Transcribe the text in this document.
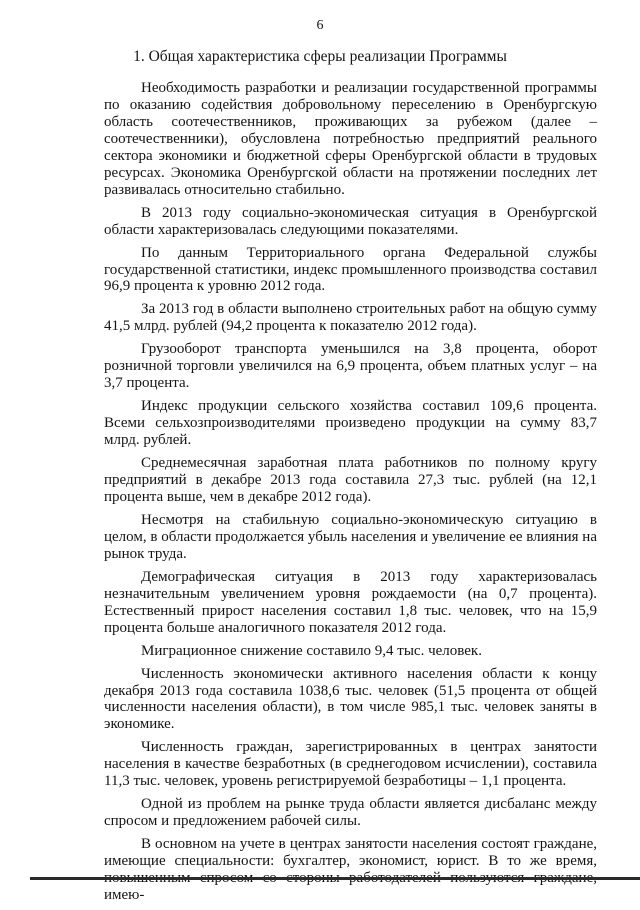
6
1. Общая характеристика сферы реализации Программы

Необходимость разработки и реализации государственной программы по оказанию содействия добровольному переселению в Оренбургскую область соотечественников, проживающих за рубежом (далее – соотечественники), обусловлена потребностью предприятий реального сектора экономики и бюджетной сферы Оренбургской области в трудовых ресурсах. Экономика Оренбургской области на протяжении последних лет развивалась относительно стабильно.

В 2013 году социально-экономическая ситуация в Оренбургской области характеризовалась следующими показателями.

По данным Территориального органа Федеральной службы государственной статистики, индекс промышленного производства составил 96,9 процента к уровню 2012 года.

За 2013 год в области выполнено строительных работ на общую сумму 41,5 млрд. рублей (94,2 процента к показателю 2012 года).

Грузооборот транспорта уменьшился на 3,8 процента, оборот розничной торговли увеличился на 6,9 процента, объем платных услуг – на 3,7 процента.

Индекс продукции сельского хозяйства составил 109,6 процента. Всеми сельхозпроизводителями произведено продукции на сумму 83,7 млрд. рублей.

Среднемесячная заработная плата работников по полному кругу предприятий в декабре 2013 года составила 27,3 тыс. рублей (на 12,1 процента выше, чем в декабре 2012 года).

Несмотря на стабильную социально-экономическую ситуацию в целом, в области продолжается убыль населения и увеличение ее влияния на рынок труда.

Демографическая ситуация в 2013 году характеризовалась незначительным увеличением уровня рождаемости (на 0,7 процента). Естественный прирост населения составил 1,8 тыс. человек, что на 15,9 процента больше аналогичного показателя 2012 года.

Миграционное снижение составило 9,4 тыс. человек.

Численность экономически активного населения области к концу декабря 2013 года составила 1038,6 тыс. человек (51,5 процента от общей численности населения области), в том числе 985,1 тыс. человек заняты в экономике.

Численность граждан, зарегистрированных в центрах занятости населения в качестве безработных (в среднегодовом исчислении), составила 11,3 тыс. человек, уровень регистрируемой безработицы – 1,1 процента.

Одной из проблем на рынке труда области является дисбаланс между спросом и предложением рабочей силы.

В основном на учете в центрах занятости населения состоят граждане, имеющие специальности: бухгалтер, экономист, юрист. В то же время, имею-
